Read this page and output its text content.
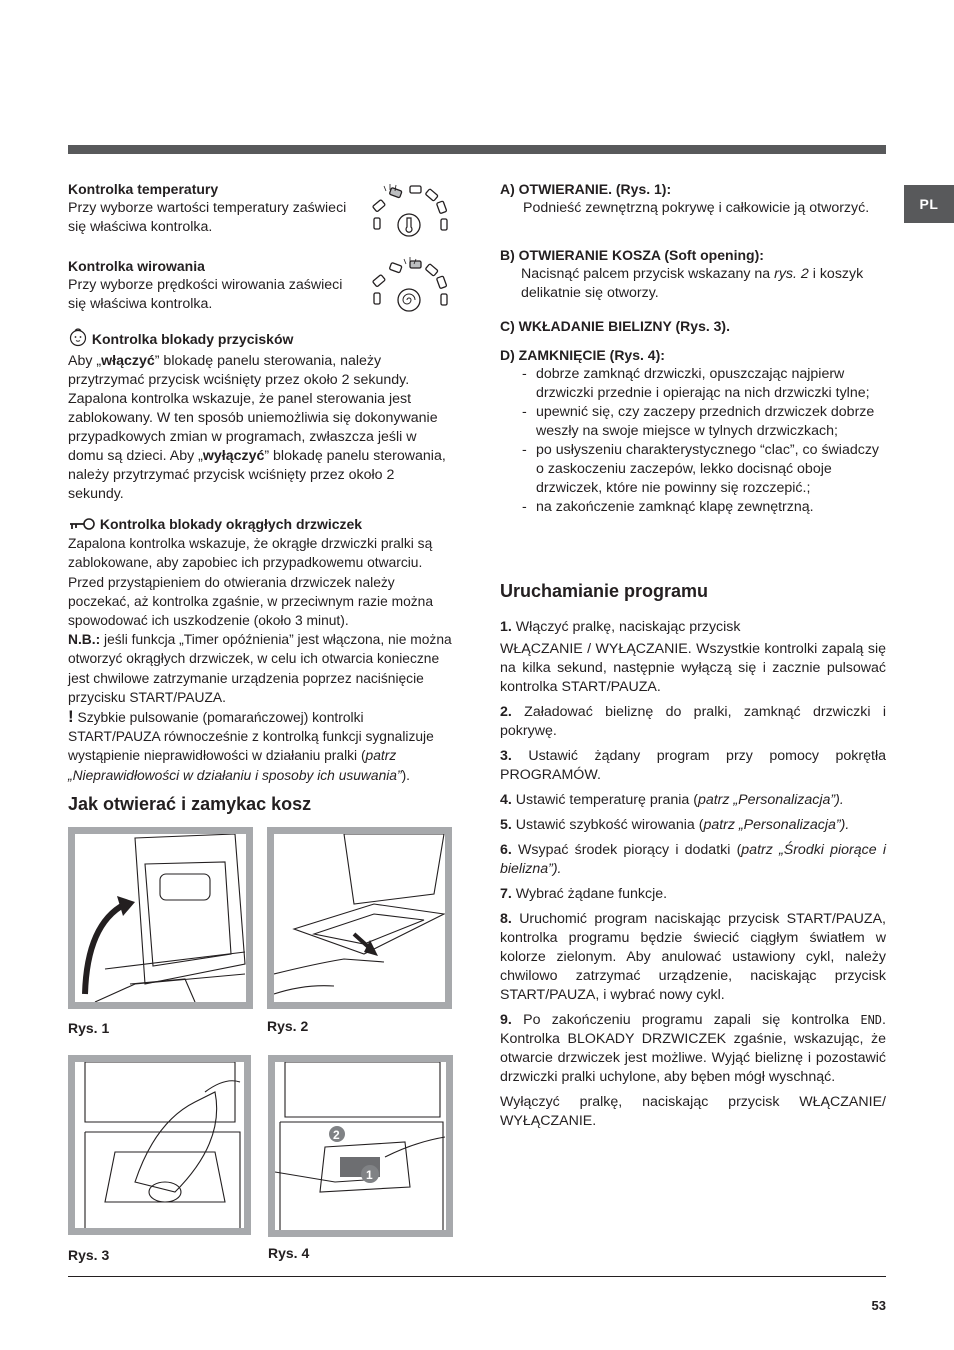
PL
Kontrolka temperatury

Przy wyborze wartości temperatury zaświeci się właściwa kontrolka.

Kontrolka wirowania

Przy wyborze prędkości wirowania zaświeci się właściwa kontrolka.

Kontrolka blokady przycisków

Aby „włączyć” blokadę panelu sterowania, należy przytrzymać przycisk wciśnięty przez około 2 sekundy. Zapalona kontrolka wskazuje, że panel sterowania jest zablokowany. W ten sposób uniemożliwia się dokonywanie przypadkowych zmian w programach, zwłaszcza jeśli w domu są dzieci. Aby „wyłączyć” blokadę panelu sterowania, należy przytrzymać przycisk wciśnięty przez około 2 sekundy.

Kontrolka blokady okrągłych drzwiczek

Zapalona kontrolka wskazuje, że okrągłe drzwiczki pralki są zablokowane, aby zapobiec ich przypadkowemu otwarciu. Przed przystąpieniem do otwierania drzwiczek należy poczekać, aż kontrolka zgaśnie, w przeciwnym razie można spowodować ich uszkodzenie (około 3 minut).

N.B.: jeśli funkcja „Timer opóźnienia” jest włączona, nie można otworzyć okrągłych drzwiczek, w celu ich otwarcia konieczne jest chwilowe zatrzymanie urządzenia poprzez naciśnięcie przycisku START/PAUZA.

! Szybkie pulsowanie (pomarańczowej) kontrolki START/PAUZA równocześnie z kontrolką funkcji sygnalizuje wystąpienie nieprawidłowości w działaniu pralki (patrz „Nieprawidłowości w działaniu i sposoby ich usuwania”).

Jak otwierać i zamykac kosz
Rys. 1	Rys. 2
Rys. 3
2
1
Rys. 4
A) OTWIERANIE. (Rys. 1):

Podnieść zewnętrzną pokrywę i całkowicie ją otworzyć.

B) OTWIERANIE KOSZA (Soft opening):

Nacisnąć palcem przycisk wskazany na rys. 2 i koszyk delikatnie się otworzy.

C) WKŁADANIE BIELIZNY (Rys. 3).
D) ZAMKNIĘCIE (Rys. 4):
- dobrze zamknąć drzwiczki, opuszczając najpierw drzwiczki przednie i opierając na nich drzwiczki tylne;
- upewnić się, czy zaczepy przednich drzwiczek dobrze weszły na swoje miejsce w tylnych drzwiczkach;
- po usłyszeniu charakterystycznego “clac”, co świadczy o zaskoczeniu zaczepów, lekko docisnąć oboje drzwiczek, które nie powinny się rozczepić.;
- na zakończenie zamknąć klapę zewnętrzną.
Uruchamianie programu

1. Włączyć pralkę, naciskając przycisk

WŁĄCZANIE / WYŁĄCZANIE. Wszystkie kontrolki zapalą się na kilka sekund, następnie wyłączą się i zacznie pulsować kontrolka START/PAUZA.

2. Załadować bieliznę do pralki, zamknąć drzwiczki i pokrywę.

3. Ustawić żądany program przy pomocy pokrętła PROGRAMÓW.

4. Ustawić temperaturę prania (patrz „Personalizacja”).

5. Ustawić szybkość wirowania (patrz „Personalizacja”).

6. Wsypać środek piorący i dodatki (patrz „Środki piorące i bielizna”).

7. Wybrać żądane funkcje.

8. Uruchomić program naciskając przycisk START/PAUZA, kontrolka programu będzie świecić ciągłym światłem w kolorze zielonym. Aby anulować ustawiony cykl, należy chwilowo zatrzymać urządzenie, naciskając przycisk START/PAUZA, i wybrać nowy cykl.

9. Po zakończeniu programu zapali się kontrolka END. Kontrolka BLOKADY DRZWICZEK zgaśnie, wskazując, że otwarcie drzwiczek jest możliwe. Wyjąć bieliznę i pozostawić drzwiczki pralki uchylone, aby bęben mógł wyschnąć.

Wyłączyć pralkę, naciskając przycisk WŁĄCZANIE/ WYŁĄCZANIE.

53
